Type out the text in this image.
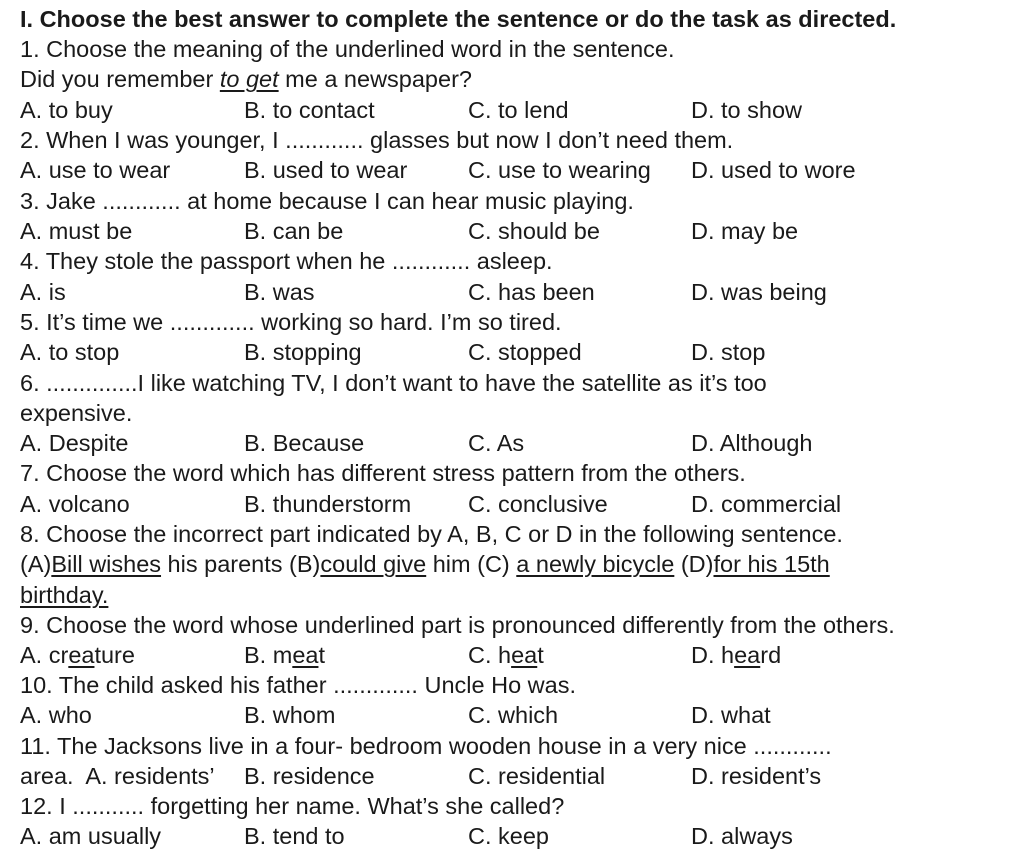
I. Choose the best answer to complete the sentence or do the task as directed.
1. Choose the meaning of the underlined word in the sentence.
Did you remember to get me a newspaper?
A. to buy	B. to contact	C. to lend	D. to show
2. When I was younger, I ............ glasses but now I don’t need them.
A. use to wear	B. used to wear	C. use to wearing D. used to wore
3. Jake ............ at home because I can hear music playing.
A. must be	B. can be	C. should be	D. may be
4. They stole the passport when he ............ asleep.
A. is	B. was	C. has been	D. was being
5. It’s time we ............. working so hard. I’m so tired.
A. to stop	B. stopping	C. stopped	D. stop
6. ..............I like watching TV, I don’t want to have the satellite as it’s too
expensive.
A. Despite	B. Because	C. As	D. Although
7. Choose the word which has different stress pattern from the others.
A. volcano	B. thunderstorm C. conclusive	D. commercial
8. Choose the incorrect part indicated by A, B, C or D in the following sentence.
(A)Bill wishes his parents (B)could give him (C) a newly bicycle (D)for his 15th
birthday.
9. Choose the word whose underlined part is pronounced differently from the others.
A. creature	B. meat	C. heat	D. heard
10. The child asked his father ............. Uncle Ho was.
A. who	B. whom	C. which	D. what
11. The Jacksons live in a four- bedroom wooden house in a very nice ............
area.  A. residents’ B. residence	C. residential	D. resident’s
12. I ........... forgetting her name. What’s she called?
A. am usually	B. tend to	C. keep	D. always
